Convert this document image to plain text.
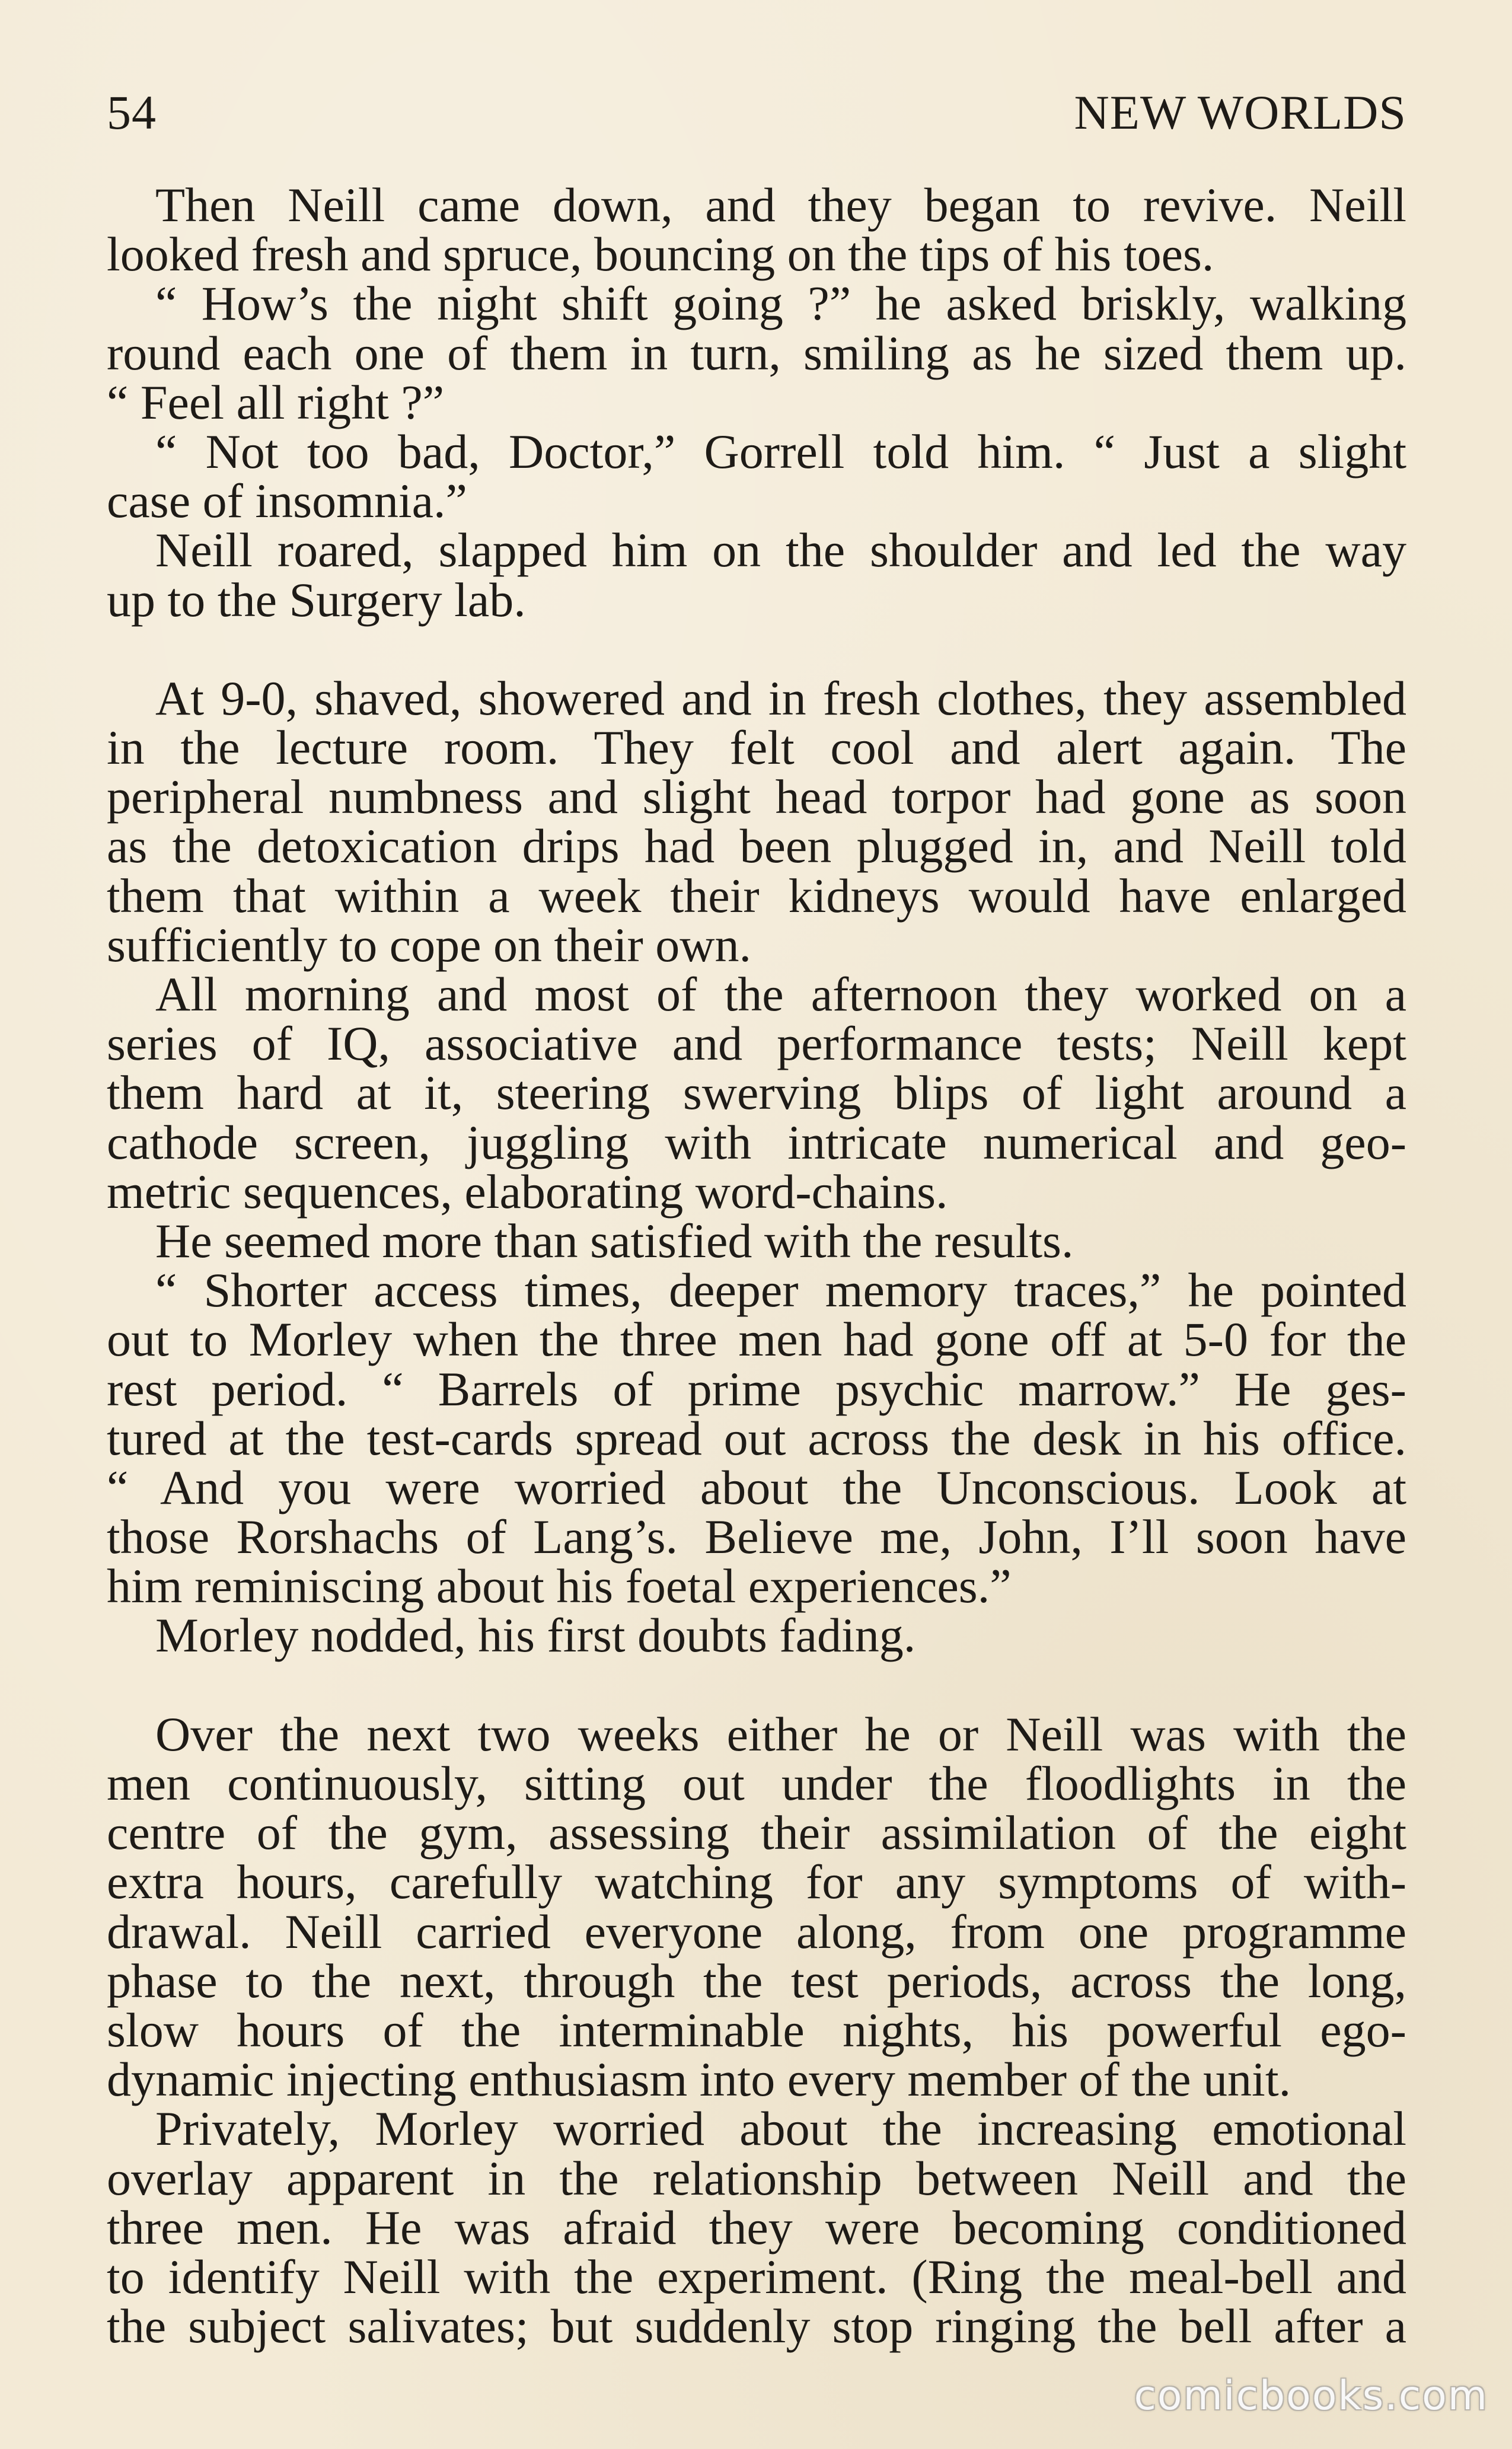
54	NEW WORLDS
Then Neill came down, and they began to revive. Neill
looked fresh and spruce, bouncing on the tips of his toes.
“ How’s the night shift going ?” he asked briskly, walking
round each one of them in turn, smiling as he sized them up.
“ Feel all right ?”
“ Not too bad, Doctor,” Gorrell told him. “ Just a slight
case of insomnia.”
Neill roared, slapped him on the shoulder and led the way
up to the Surgery lab.
At 9-0, shaved, showered and in fresh clothes, they assembled
in the lecture room. They felt cool and alert again. The
peripheral numbness and slight head torpor had gone as soon
as the detoxication drips had been plugged in, and Neill told
them that within a week their kidneys would have enlarged
sufficiently to cope on their own.
All morning and most of the afternoon they worked on a
series of IQ, associative and performance tests; Neill kept
them hard at it, steering swerving blips of light around a
cathode screen, juggling with intricate numerical and geo-
metric sequences, elaborating word-chains.
He seemed more than satisfied with the results.
“ Shorter access times, deeper memory traces,” he pointed
out to Morley when the three men had gone off at 5-0 for the
rest period. “ Barrels of prime psychic marrow.” He ges-
tured at the test-cards spread out across the desk in his office.
“ And you were worried about the Unconscious. Look at
those Rorshachs of Lang’s. Believe me, John, I’ll soon have
him reminiscing about his foetal experiences.”
Morley nodded, his first doubts fading.
Over the next two weeks either he or Neill was with the
men continuously, sitting out under the floodlights in the
centre of the gym, assessing their assimilation of the eight
extra hours, carefully watching for any symptoms of with-
drawal. Neill carried everyone along, from one programme
phase to the next, through the test periods, across the long,
slow hours of the interminable nights, his powerful ego-
dynamic injecting enthusiasm into every member of the unit.
Privately, Morley worried about the increasing emotional
overlay apparent in the relationship between Neill and the
three men. He was afraid they were becoming conditioned
to identify Neill with the experiment. (Ring the meal-bell and
the subject salivates; but suddenly stop ringing the bell after a
comicbooks.com
